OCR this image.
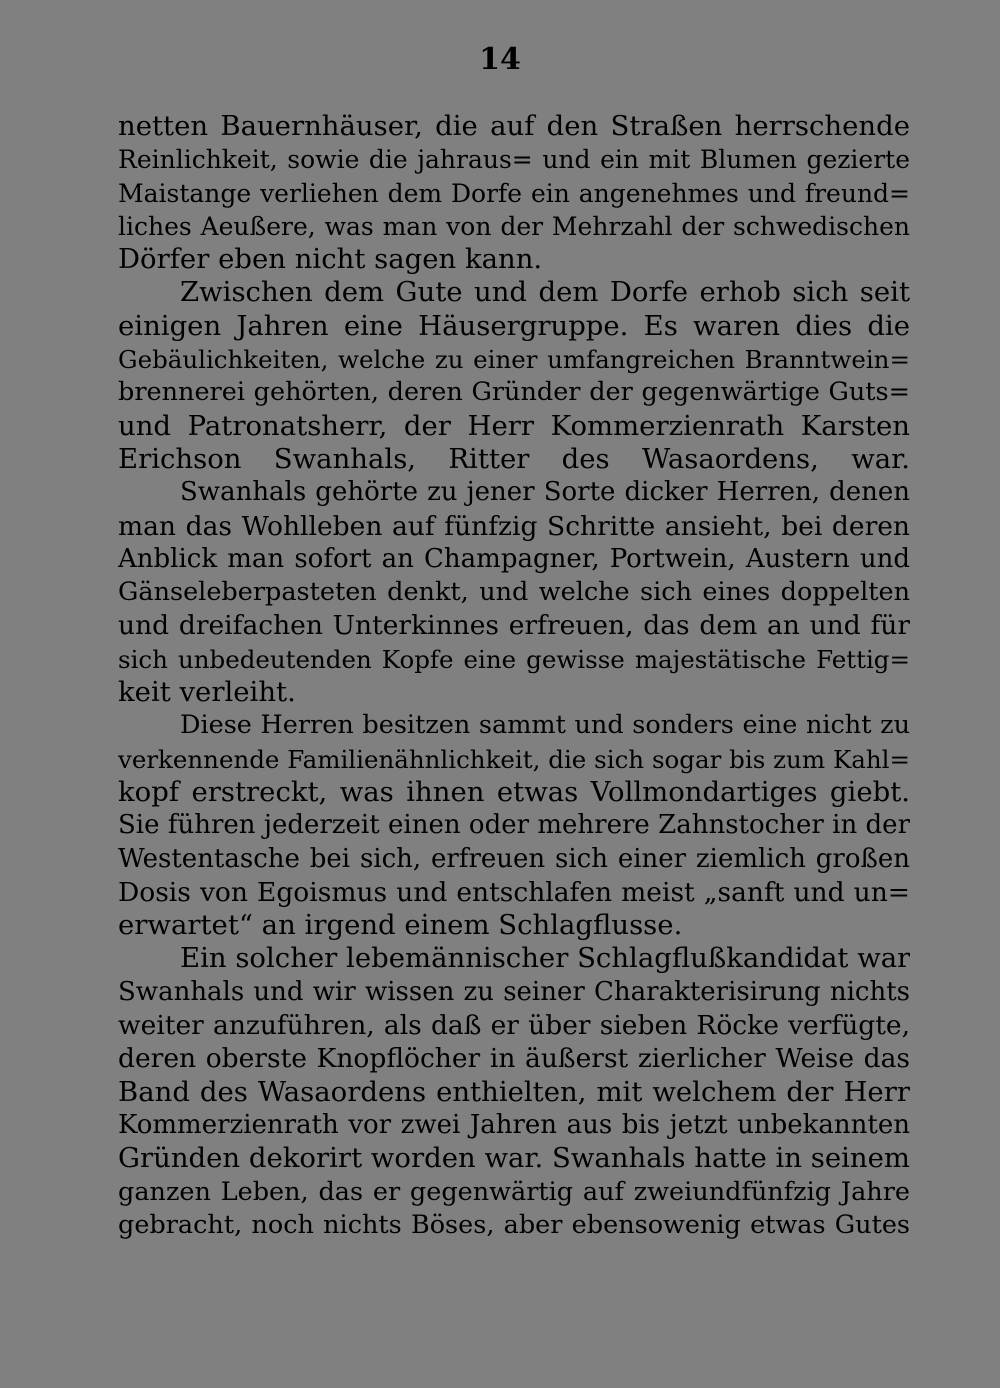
14
netten Bauernhäuser, die auf den Straßen herrschende
Reinlichkeit, sowie die jahraus= und ein mit Blumen gezierte
Maistange verliehen dem Dorfe ein angenehmes und freund=
liches Aeußere, was man von der Mehrzahl der schwedischen
Dörfer eben nicht sagen kann.
Zwischen dem Gute und dem Dorfe erhob sich seit
einigen Jahren eine Häusergruppe. Es waren dies die
Gebäulichkeiten, welche zu einer umfangreichen Branntwein=
brennerei gehörten, deren Gründer der gegenwärtige Guts=
und Patronatsherr, der Herr Kommerzienrath Karsten
Erichson Swanhals, Ritter des Wasaordens, war.
Swanhals gehörte zu jener Sorte dicker Herren, denen
man das Wohlleben auf fünfzig Schritte ansieht, bei deren
Anblick man sofort an Champagner, Portwein, Austern und
Gänseleberpasteten denkt, und welche sich eines doppelten
und dreifachen Unterkinnes erfreuen, das dem an und für
sich unbedeutenden Kopfe eine gewisse majestätische Fettig=
keit verleiht.
Diese Herren besitzen sammt und sonders eine nicht zu
verkennende Familienähnlichkeit, die sich sogar bis zum Kahl=
kopf erstreckt, was ihnen etwas Vollmondartiges giebt.
Sie führen jederzeit einen oder mehrere Zahnstocher in der
Westentasche bei sich, erfreuen sich einer ziemlich großen
Dosis von Egoismus und entschlafen meist „sanft und un=
erwartet“ an irgend einem Schlagflusse.
Ein solcher lebemännischer Schlagflußkandidat war
Swanhals und wir wissen zu seiner Charakterisirung nichts
weiter anzuführen, als daß er über sieben Röcke verfügte,
deren oberste Knopflöcher in äußerst zierlicher Weise das
Band des Wasaordens enthielten, mit welchem der Herr
Kommerzienrath vor zwei Jahren aus bis jetzt unbekannten
Gründen dekorirt worden war. Swanhals hatte in seinem
ganzen Leben, das er gegenwärtig auf zweiundfünfzig Jahre
gebracht, noch nichts Böses, aber ebensowenig etwas Gutes
